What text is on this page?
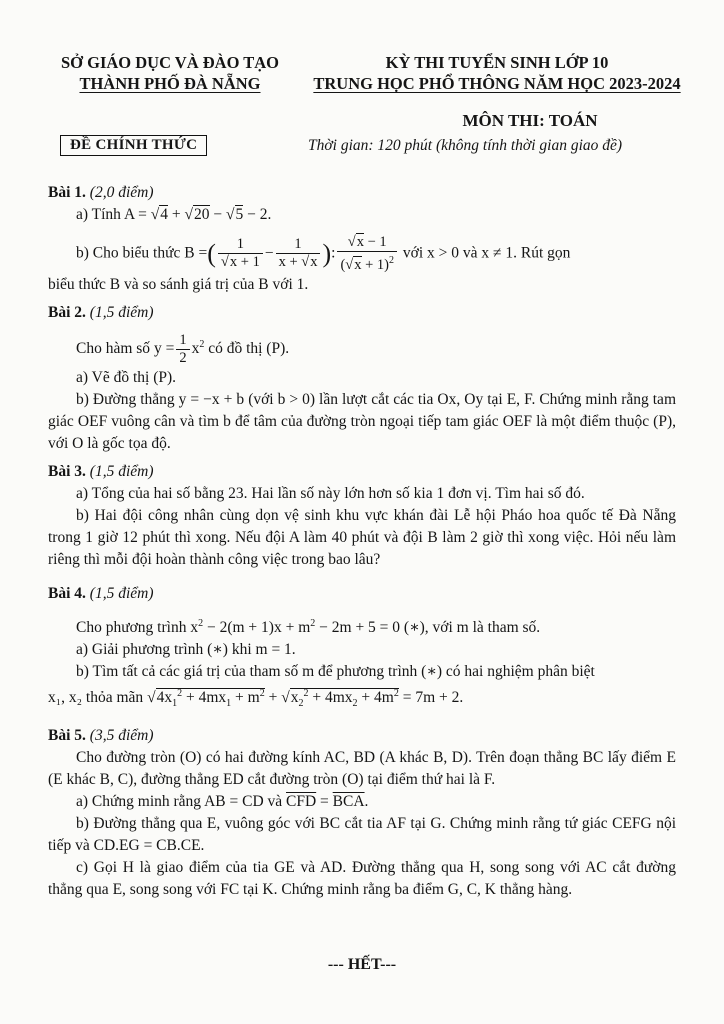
SỞ GIÁO DỤC VÀ ĐÀO TẠO
THÀNH PHỐ ĐÀ NẴNG
KỲ THI TUYỂN SINH LỚP 10
TRUNG HỌC PHỔ THÔNG NĂM HỌC 2023-2024
MÔN THI: TOÁN
ĐỀ CHÍNH THỨC	Thời gian: 120 phút (không tính thời gian giao đề)

Bài 1. (2,0 điểm)

a) Tính A = √4 + √20 − √5 − 2.

b) Cho biểu thức B =( $\frac{1}{√x + 1} - \frac{1}{x + √x}$ ): $\frac{√x - 1}{(√x + 1)^2}$ với x > 0 và x ≠ 1. Rút gọn

biểu thức B và so sánh giá trị của B với 1.

Bài 2. (1,5 điểm)

Cho hàm số $y = \frac{1}{2} x^2$ có đồ thị (P).

a) Vẽ đồ thị (P).

b) Đường thẳng y = −x + b (với b > 0) lần lượt cắt các tia Ox, Oy tại E, F. Chứng minh rằng tam giác OEF vuông cân và tìm b để tâm của đường tròn ngoại tiếp tam giác OEF là một điểm thuộc (P), với O là gốc tọa độ.

Bài 3. (1,5 điểm)

a) Tổng của hai số bằng 23. Hai lần số này lớn hơn số kia 1 đơn vị. Tìm hai số đó.

b) Hai đội công nhân cùng dọn vệ sinh khu vực khán đài Lễ hội Pháo hoa quốc tế Đà Nẵng trong 1 giờ 12 phút thì xong. Nếu đội A làm 40 phút và đội B làm 2 giờ thì xong việc. Hỏi nếu làm riêng thì mỗi đội hoàn thành công việc trong bao lâu?

Bài 4. (1,5 điểm)

Cho phương trình $x^2 - 2(m + 1)x + m^2 - 2m + 5 = 0$ (∗), với m là tham số.

a) Giải phương trình (∗) khi m = 1.

b) Tìm tất cả các giá trị của tham số m để phương trình (∗) có hai nghiệm phân biệt

x₁, x₂ thỏa mãn $√4x_1^2 + 4mx_1 + m^2 + √x_2^2 + 4mx_2 + 4m^2 = 7m + 2$.

Bài 5. (3,5 điểm)

Cho đường tròn (O) có hai đường kính AC, BD (A khác B, D). Trên đoạn thẳng BC lấy điểm E (E khác B, C), đường thẳng ED cắt đường tròn (O) tại điểm thứ hai là F.

a) Chứng minh rằng AB = CD và $\overline{CFD} = \overline{BCA}$.

b) Đường thẳng qua E, vuông góc với BC cắt tia AF tại G. Chứng minh rằng tứ giác CEFG nội tiếp và CD.EG = CB.CE.

c) Gọi H là giao điểm của tia GE và AD. Đường thẳng qua H, song song với AC cắt đường thẳng qua E, song song với FC tại K. Chứng minh rằng ba điểm G, C, K thẳng hàng.

--- HẾT---
